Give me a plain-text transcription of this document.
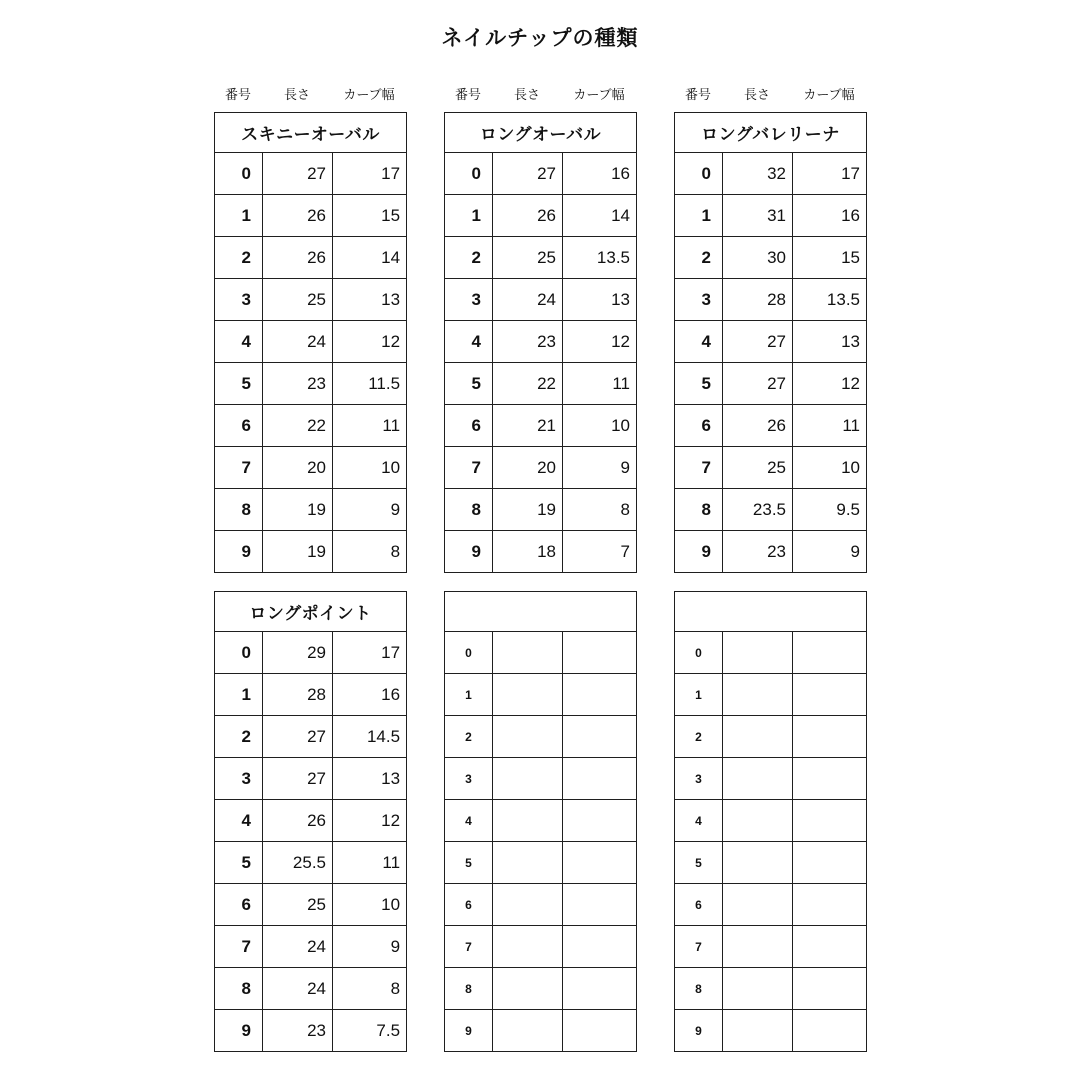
ネイルチップの種類
番号	長さ	カーブ幅
スキニーオーバル		
0	27	17
1	26	15
2	26	14
3	25	13
4	24	12
5	23	11.5
6	22	11
7	20	10
8	19	9
9	19	8
番号	長さ	カーブ幅
ロングオーバル		
0	27	16
1	26	14
2	25	13.5
3	24	13
4	23	12
5	22	11
6	21	10
7	20	9
8	19	8
9	18	7
番号	長さ	カーブ幅
ロングバレリーナ		
0	32	17
1	31	16
2	30	15
3	28	13.5
4	27	13
5	27	12
6	26	11
7	25	10
8	23.5	9.5
9	23	9
ロングポイント		
0	29	17
1	28	16
2	27	14.5
3	27	13
4	26	12
5	25.5	11
6	25	10
7	24	9
8	24	8
9	23	7.5

0		
1		
2		
3		
4		
5		
6		
7		
8		
9		

0		
1		
2		
3		
4		
5		
6		
7		
8		
9		
